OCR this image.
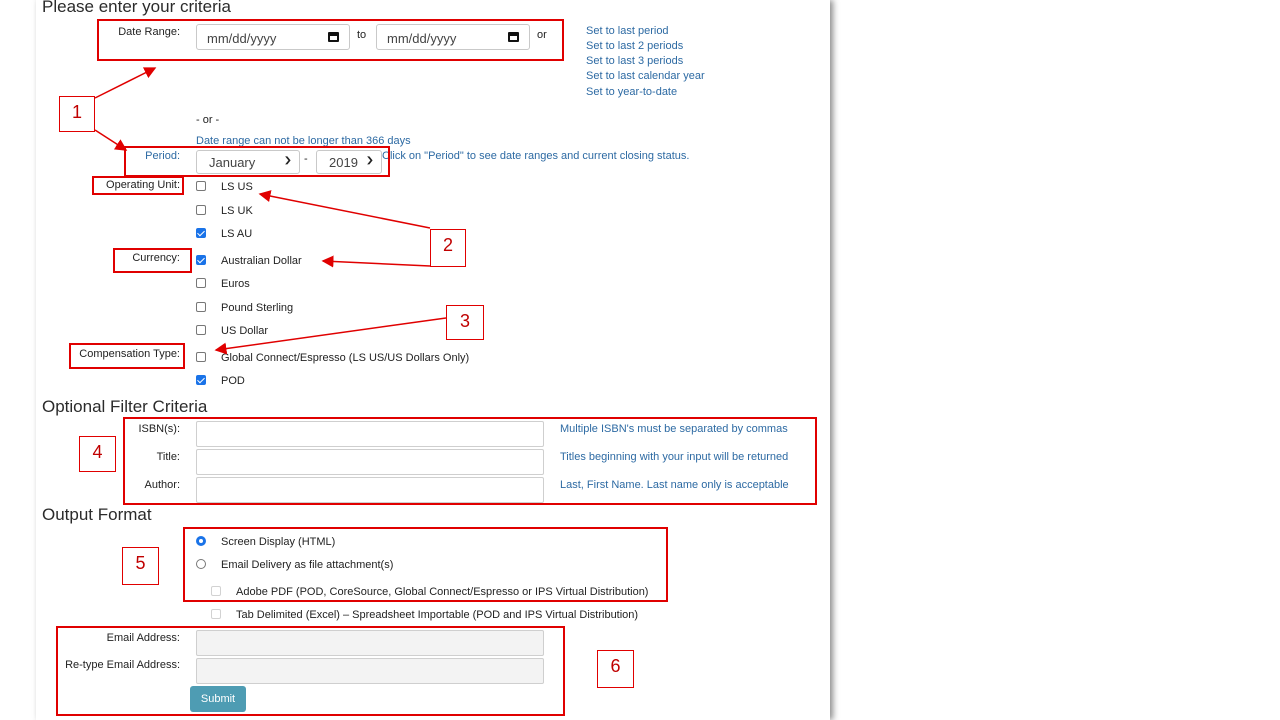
Please enter your criteria
Date Range:	mm/dd/yyyy	to	mm/dd/yyyy	or	Set to last period
Set to last 2 periods
Set to last 3 periods
Set to last calendar year
Set to year-to-date
- or -
Date range can not be longer than 366 days
Period:	January	❯ -	2019 ❯ Click on "Period" to see date ranges and current closing status.
Operating Unit:	LS US
LS UK
LS AU
Currency:	Australian Dollar
Euros
Pound Sterling
US Dollar
Compensation Type:	Global Connect/Espresso (LS US/US Dollars Only)
POD
Optional Filter Criteria
ISBN(s):	Multiple ISBN's must be separated by commas
Title:	Titles beginning with your input will be returned
Author:	Last, First Name. Last name only is acceptable
Output Format
Screen Display (HTML)
Email Delivery as file attachment(s)
Adobe PDF (POD, CoreSource, Global Connect/Espresso or IPS Virtual Distribution)
Tab Delimited (Excel) – Spreadsheet Importable (POD and IPS Virtual Distribution)
Email Address:
Re-type Email Address:
Submit
1
2
3
4
5
6
